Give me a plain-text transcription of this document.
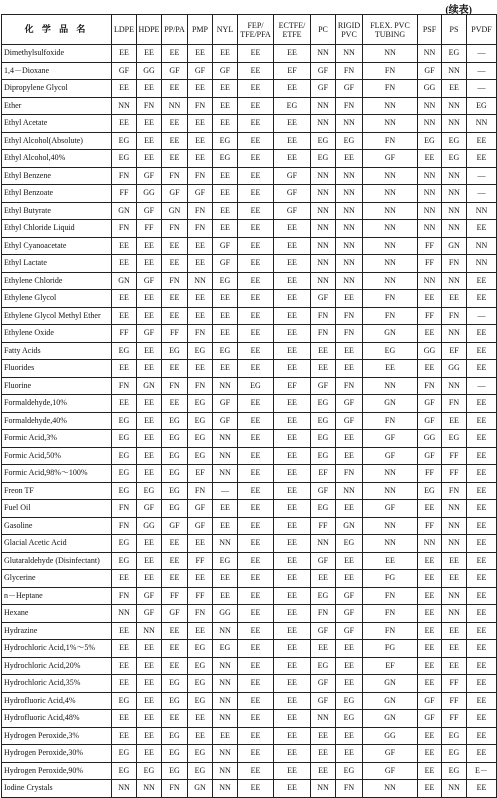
(续表)
化 学 品 名	LDPE	HDPE	PP/PA	PMP	NYL	FEP/ TFE/PFA	ECTFE/ ETFE	PC	RIGID PVC	FLEX. PVC TUBING	PSF	PS	PVDF
Dimethylsulfoxide	EE	EE	EE	EE	EE	EE	EE	NN	NN	NN	NN	EG	—
1,4－Dioxane	GF	GG	GF	GF	GF	EE	EF	GF	FN	FN	GF	NN	—
Dipropylene Glycol	EE	EE	EE	EE	EE	EE	EE	GF	GF	FN	GG	EE	—
Ether	NN	FN	NN	FN	EE	EE	EG	NN	FN	NN	NN	NN	EG
Ethyl Acetate	EE	EE	EE	EE	EE	EE	EE	NN	NN	NN	NN	NN	NN
Ethyl Alcohol(Absolute)	EG	EE	EE	EE	EG	EE	EE	EG	EG	FN	EG	EG	EE
Ethyl Alcohol,40%	EG	EE	EE	EE	EG	EE	EE	EG	EE	GF	EE	EG	EE
Ethyl Benzene	FN	GF	FN	FN	EE	EE	GF	NN	NN	NN	NN	NN	—
Ethyl Benzoate	FF	GG	GF	GF	EE	EE	GF	NN	NN	NN	NN	NN	—
Ethyl Butyrate	GN	GF	GN	FN	EE	EE	GF	NN	NN	NN	NN	NN	NN
Ethyl Chloride Liquid	FN	FF	FN	FN	EE	EE	EE	NN	NN	NN	NN	NN	EE
Ethyl Cyanoacetate	EE	EE	EE	EE	GF	EE	EE	NN	NN	NN	FF	GN	NN
Ethyl Lactate	EE	EE	EE	EE	GF	EE	EE	NN	NN	NN	FF	FN	NN
Ethylene Chloride	GN	GF	FN	NN	EG	EE	EE	NN	NN	NN	NN	NN	EE
Ethylene Glycol	EE	EE	EE	EE	EE	EE	EE	GF	EE	FN	EE	EE	EE
Ethylene Glycol Methyl Ether	EE	EE	EE	EE	EE	EE	EE	FN	FN	FN	FF	FN	—
Ethylene Oxide	FF	GF	FF	FN	EE	EE	EE	FN	FN	GN	EE	NN	EE
Fatty Acids	EG	EE	EG	EG	EG	EE	EE	EE	EE	EG	GG	EF	EE
Fluorides	EE	EE	EE	EE	EE	EE	EE	EE	EE	EE	EE	GG	EE
Fluorine	FN	GN	FN	FN	NN	EG	EF	GF	FN	NN	FN	NN	—
Formaldehyde,10%	EE	EE	EE	EG	GF	EE	EE	EG	GF	GN	GF	FN	EE
Formaldehyde,40%	EG	EE	EG	EG	GF	EE	EE	EG	GF	FN	GF	EE	EE
Formic Acid,3%	EG	EE	EG	EG	NN	EE	EE	EG	EE	GF	GG	EG	EE
Formic Acid,50%	EG	EE	EG	EG	NN	EE	EE	EG	EE	GF	GF	FF	EE
Formic Acid,98%～100%	EG	EE	EG	EF	NN	EE	EE	EF	FN	NN	FF	FF	EE
Freon TF	EG	EG	EG	FN	—	EE	EE	GF	NN	NN	EG	FN	EE
Fuel Oil	FN	GF	EG	GF	EE	EE	EE	EG	EE	GF	EE	NN	EE
Gasoline	FN	GG	GF	GF	EE	EE	EE	FF	GN	NN	FF	NN	EE
Glacial Acetic Acid	EG	EE	EE	EE	NN	EE	EE	NN	EG	NN	NN	NN	EE
Glutaraldehyde (Disinfectant)	EG	EE	EE	FF	EG	EE	EE	GF	EE	EE	EE	EE	EE
Glycerine	EE	EE	EE	EE	EE	EE	EE	EE	EE	FG	EE	EE	EE
n－Heptane	FN	GF	FF	FF	EE	EE	EE	EG	GF	FN	EE	NN	EE
Hexane	NN	GF	GF	FN	GG	EE	EE	FN	GF	FN	EE	NN	EE
Hydrazine	EE	NN	EE	EE	NN	EE	EE	GF	GF	FN	EE	EE	EE
Hydrochloric Acid,1%～5%	EE	EE	EE	EG	EG	EE	EE	EE	EE	FG	EE	EE	EE
Hydrochloric Acid,20%	EE	EE	EE	EG	NN	EE	EE	EG	EE	EF	EE	EE	EE
Hydrochloric Acid,35%	EE	EE	EG	EG	NN	EE	EE	GF	EE	GN	EE	FF	EE
Hydrofluoric Acid,4%	EG	EE	EG	EG	NN	EE	EE	GF	EG	GN	GF	FF	EE
Hydrofluoric Acid,48%	EE	EE	EE	EE	NN	EE	EE	NN	EG	GN	GF	FF	EE
Hydrogen Peroxide,3%	EE	EE	EG	EE	EE	EE	EE	EE	EE	GG	EE	EG	EE
Hydrogen Peroxide,30%	EG	EE	EG	EG	NN	EE	EE	EE	EE	GF	EE	EG	EE
Hydrogen Peroxide,90%	EG	EG	EG	EG	NN	EE	EE	EE	EG	GF	EE	EG	E－
Iodine Crystals	NN	NN	FN	GN	NN	EE	EE	NN	FN	NN	EE	NN	EE
